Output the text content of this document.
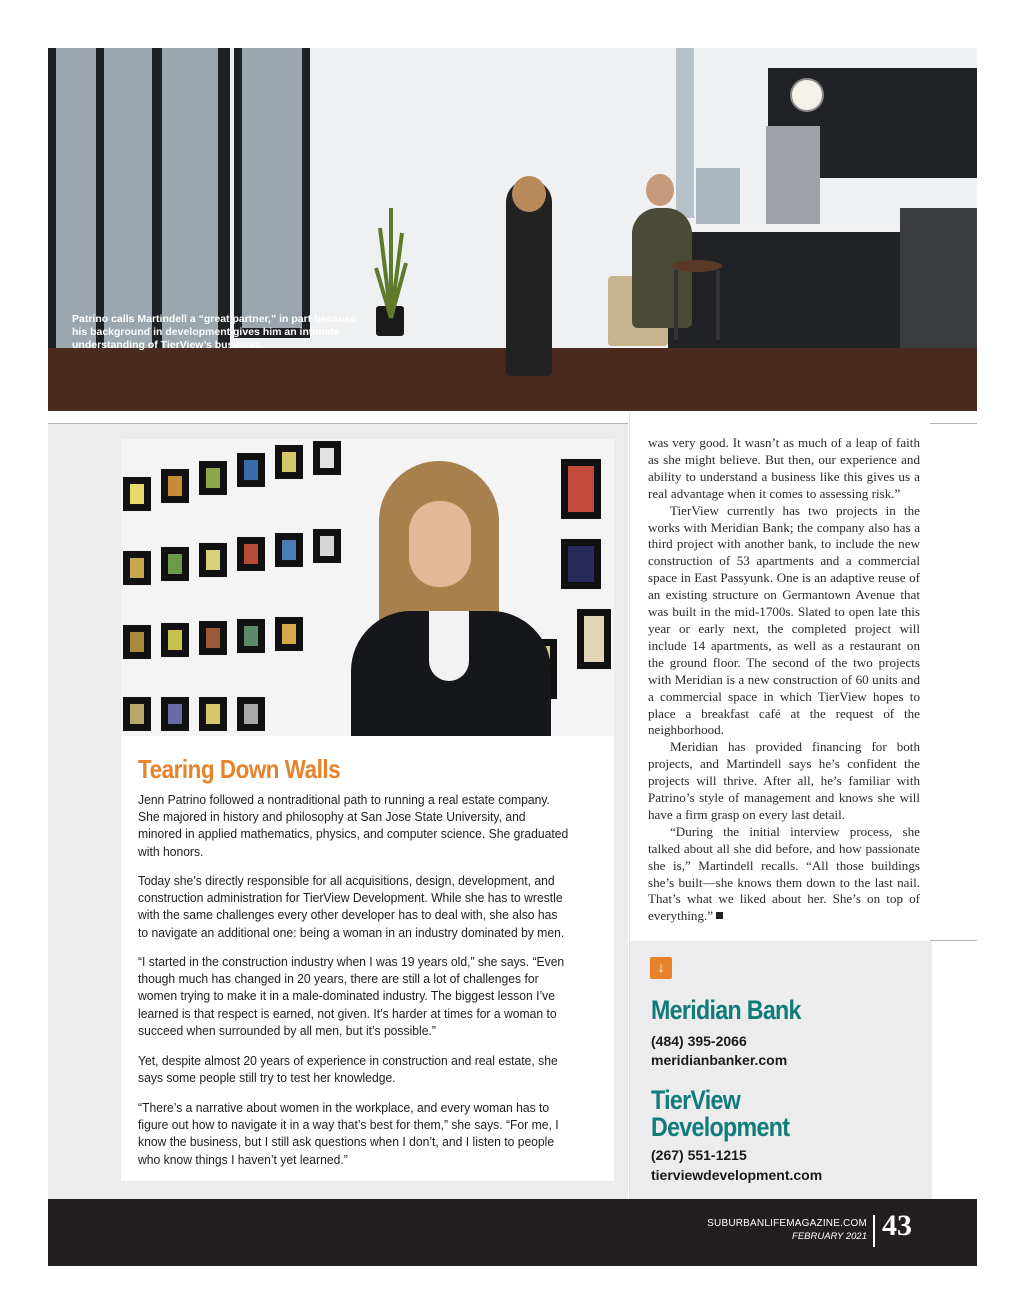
Patrino calls Martindell a “great partner,” in part because
his background in development gives him an intimate
understanding of TierView’s business.
Tearing Down Walls

Jenn Patrino followed a nontraditional path to running a real estate company. She majored in history and philosophy at San Jose State University, and minored in applied mathematics, physics, and computer science. She graduated with honors.

Today she’s directly responsible for all acquisitions, design, development, and construction administration for TierView Development. While she has to wrestle with the same challenges every other developer has to deal with, she also has to navigate an additional one: being a woman in an industry dominated by men.

“I started in the construction industry when I was 19 years old,” she says. “Even though much has changed in 20 years, there are still a lot of challenges for women trying to make it in a male-dominated industry. The biggest lesson I’ve learned is that respect is earned, not given. It’s harder at times for a woman to succeed when surrounded by all men, but it’s possible.”

Yet, despite almost 20 years of experience in construction and real estate, she says some people still try to test her knowledge.

“There’s a narrative about women in the workplace, and every woman has to figure out how to navigate it in a way that’s best for them,” she says. “For me, I know the business, but I still ask questions when I don’t, and I listen to people who know things I haven’t yet learned.”

was very good. It wasn’t as much of a leap of faith as she might believe. But then, our experience and ability to understand a business like this gives us a real advantage when it comes to assessing risk.”

TierView currently has two projects in the works with Meridian Bank; the company also has a third project with another bank, to include the new construction of 53 apartments and a commercial space in East Passyunk. One is an adaptive reuse of an existing structure on Germantown Avenue that was built in the mid-1700s. Slated to open late this year or early next, the completed project will include 14 apartments, as well as a restaurant on the ground floor. The second of the two projects with Meridian is a new construction of 60 units and a commercial space in which TierView hopes to place a breakfast café at the request of the neighborhood.

Meridian has provided financing for both projects, and Martindell says he’s confident the projects will thrive. After all, he’s familiar with Patrino’s style of management and knows she will have a firm grasp on every last detail.

“During the initial interview process, she talked about all she did before, and how passionate she is,” Martindell recalls. “All those buildings she’s built—she knows them down to the last nail. That’s what we liked about her. She’s on top of everything.”

↓
Meridian Bank
(484) 395-2066
meridianbanker.com
TierView
Development
(267) 551-1215
tierviewdevelopment.com
SUBURBANLIFEMAGAZINE.COM
FEBRUARY 2021 43
